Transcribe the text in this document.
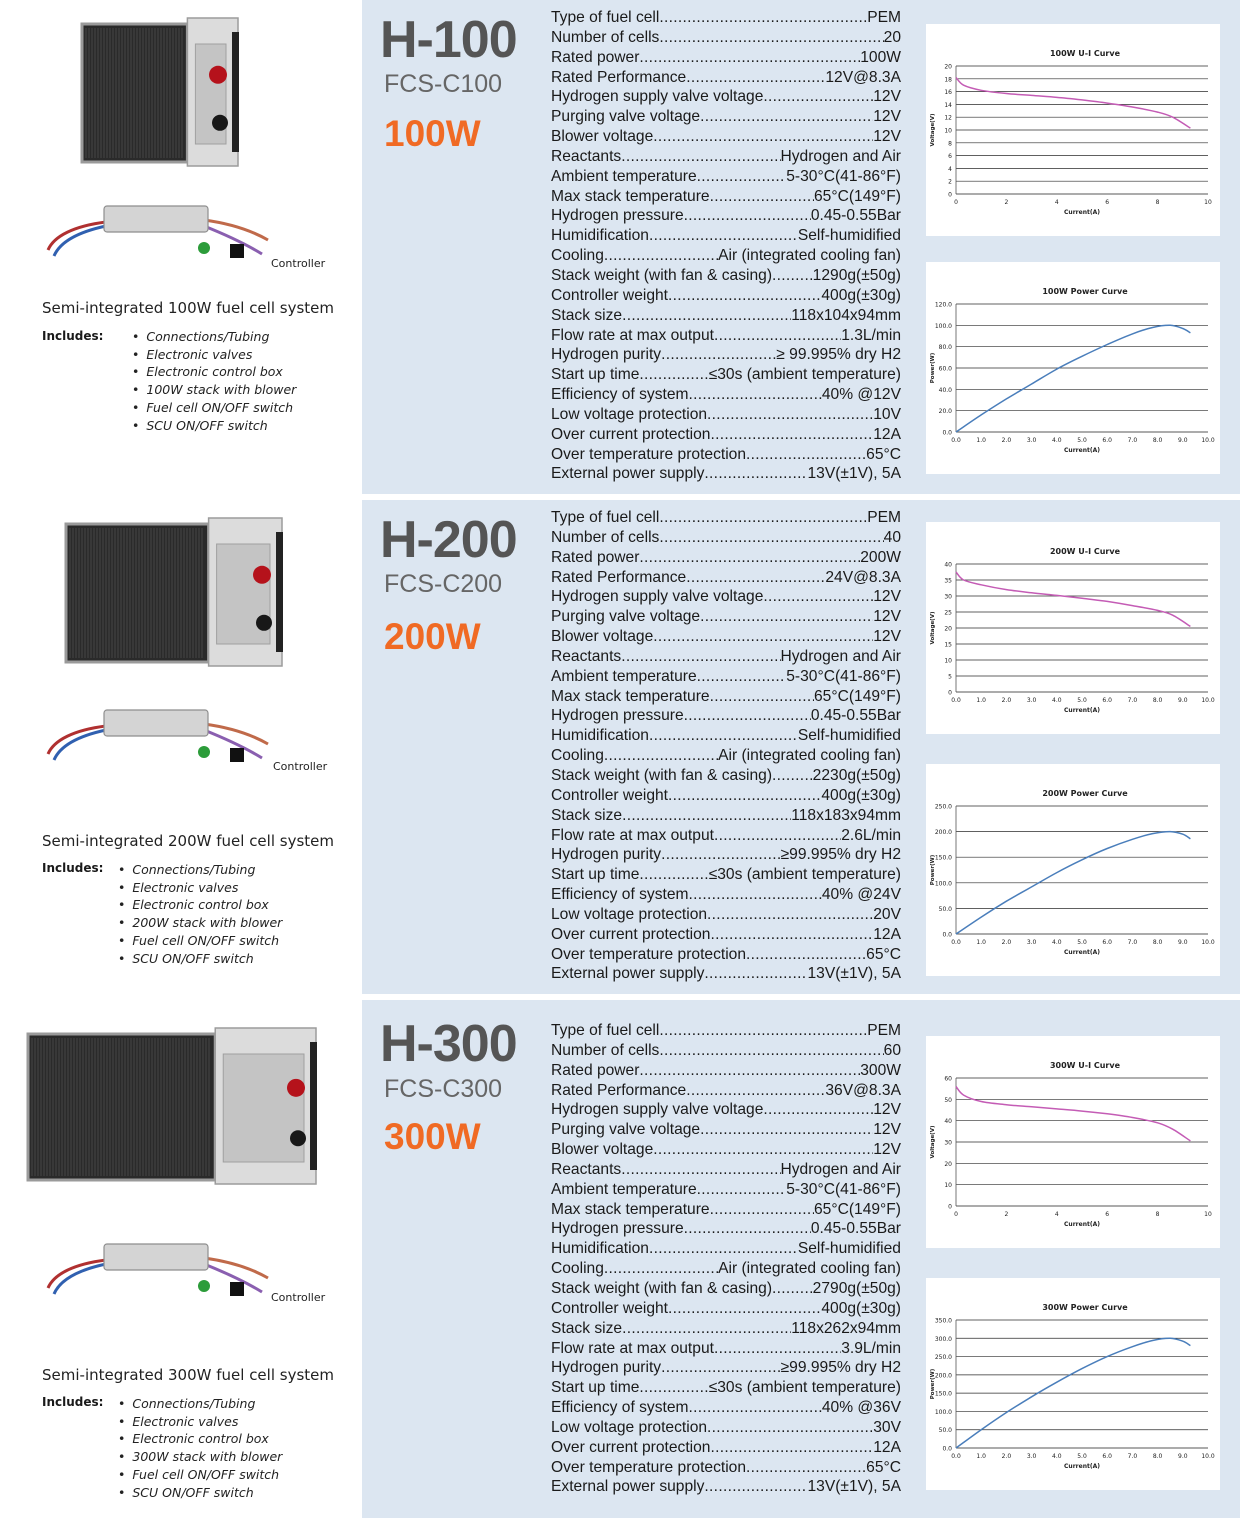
Controller
Semi-integrated 100W fuel cell system
Includes:	• Connections/Tubing
• Electronic valves
• Electronic control box
• 100W stack with blower
• Fuel cell ON/OFF switch
• SCU ON/OFF switch
H-100
FCS-C100
100W
Type of fuel cell .....	PEM
Number of cells .....	20
Rated power .....	100W
Rated Performance .....	12V@8.3A
Hydrogen supply valve voltage .....	12V
Purging valve voltage .....	12V
Blower voltage .....	12V
Reactants .....	Hydrogen and Air
Ambient temperature .....	5-30°C(41-86°F)
Max stack temperature .....	65°C(149°F)
Hydrogen pressure .....	0.45-0.55Bar
Humidification .....	Self-humidified
Cooling .....	Air (integrated cooling fan)
Stack weight (with fan & casing) .....	1290g(±50g)
Controller weight .....	400g(±30g)
Stack size .....	118x104x94mm
Flow rate at max output .....	1.3L/min
Hydrogen purity .....	≥ 99.995% dry H2
Start up time .....	≤30s (ambient temperature)
Efficiency of system .....	40% @12V
Low voltage protection .....	10V
Over current protection .....	12A
Over temperature protection .....	65°C
External power supply .....	13V(±1V), 5A
100W U-I Curve
0
2
4
6
8
10
12
14
16
18
20
0	2	4	6	8	10
Current(A)
Voltage(V)
100W Power Curve
0.0
20.0
40.0
60.0
80.0
100.0
120.0
0.0	1.0	2.0	3.0	4.0	5.0	6.0	7.0	8.0	9.0 10.0
Current(A)
Power(W)
Controller
Semi-integrated 200W fuel cell system
Includes:	• Connections/Tubing
• Electronic valves
• Electronic control box
• 200W stack with blower
• Fuel cell ON/OFF switch
• SCU ON/OFF switch
H-200
FCS-C200
200W
Type of fuel cell .....	PEM
Number of cells .....	40
Rated power .....	200W
Rated Performance .....	24V@8.3A
Hydrogen supply valve voltage .....	12V
Purging valve voltage .....	12V
Blower voltage .....	12V
Reactants .....	Hydrogen and Air
Ambient temperature .....	5-30°C(41-86°F)
Max stack temperature .....	65°C(149°F)
Hydrogen pressure .....	0.45-0.55Bar
Humidification .....	Self-humidified
Cooling .....	Air (integrated cooling fan)
Stack weight (with fan & casing) .....	2230g(±50g)
Controller weight .....	400g(±30g)
Stack size .....	118x183x94mm
Flow rate at max output .....	2.6L/min
Hydrogen purity .....	≥99.995% dry H2
Start up time .....	≤30s (ambient temperature)
Efficiency of system .....	40% @24V
Low voltage protection .....	20V
Over current protection .....	12A
Over temperature protection .....	65°C
External power supply .....	13V(±1V), 5A
200W U-I Curve
0
5
10
15
20
25
30
35
40
0.0	1.0	2.0	3.0	4.0	5.0	6.0	7.0	8.0	9.0 10.0
Current(A)
Voltage(V)
200W Power Curve
0.0
50.0
100.0
150.0
200.0
250.0
0.0	1.0	2.0	3.0	4.0	5.0	6.0	7.0	8.0	9.0 10.0
Current(A)
Power(W)
Controller
Semi-integrated 300W fuel cell system
Includes:	• Connections/Tubing
• Electronic valves
• Electronic control box
• 300W stack with blower
• Fuel cell ON/OFF switch
• SCU ON/OFF switch
H-300
FCS-C300
300W
Type of fuel cell .....	PEM
Number of cells .....	60
Rated power .....	300W
Rated Performance .....	36V@8.3A
Hydrogen supply valve voltage .....	12V
Purging valve voltage .....	12V
Blower voltage .....	12V
Reactants .....	Hydrogen and Air
Ambient temperature .....	5-30°C(41-86°F)
Max stack temperature .....	65°C(149°F)
Hydrogen pressure .....	0.45-0.55Bar
Humidification .....	Self-humidified
Cooling .....	Air (integrated cooling fan)
Stack weight (with fan & casing) .....	2790g(±50g)
Controller weight .....	400g(±30g)
Stack size .....	118x262x94mm
Flow rate at max output .....	3.9L/min
Hydrogen purity .....	≥99.995% dry H2
Start up time .....	≤30s (ambient temperature)
Efficiency of system .....	40% @36V
Low voltage protection .....	30V
Over current protection .....	12A
Over temperature protection .....	65°C
External power supply .....	13V(±1V), 5A
300W U-I Curve
0
10
20
30
40
50
60
0	2	4	6	8	10
Current(A)
Voltage(V)
300W Power Curve
0.0
50.0
100.0
150.0
200.0
250.0
300.0
350.0
0.0	1.0	2.0	3.0	4.0	5.0	6.0	7.0	8.0	9.0 10.0
Current(A)
Power(W)
